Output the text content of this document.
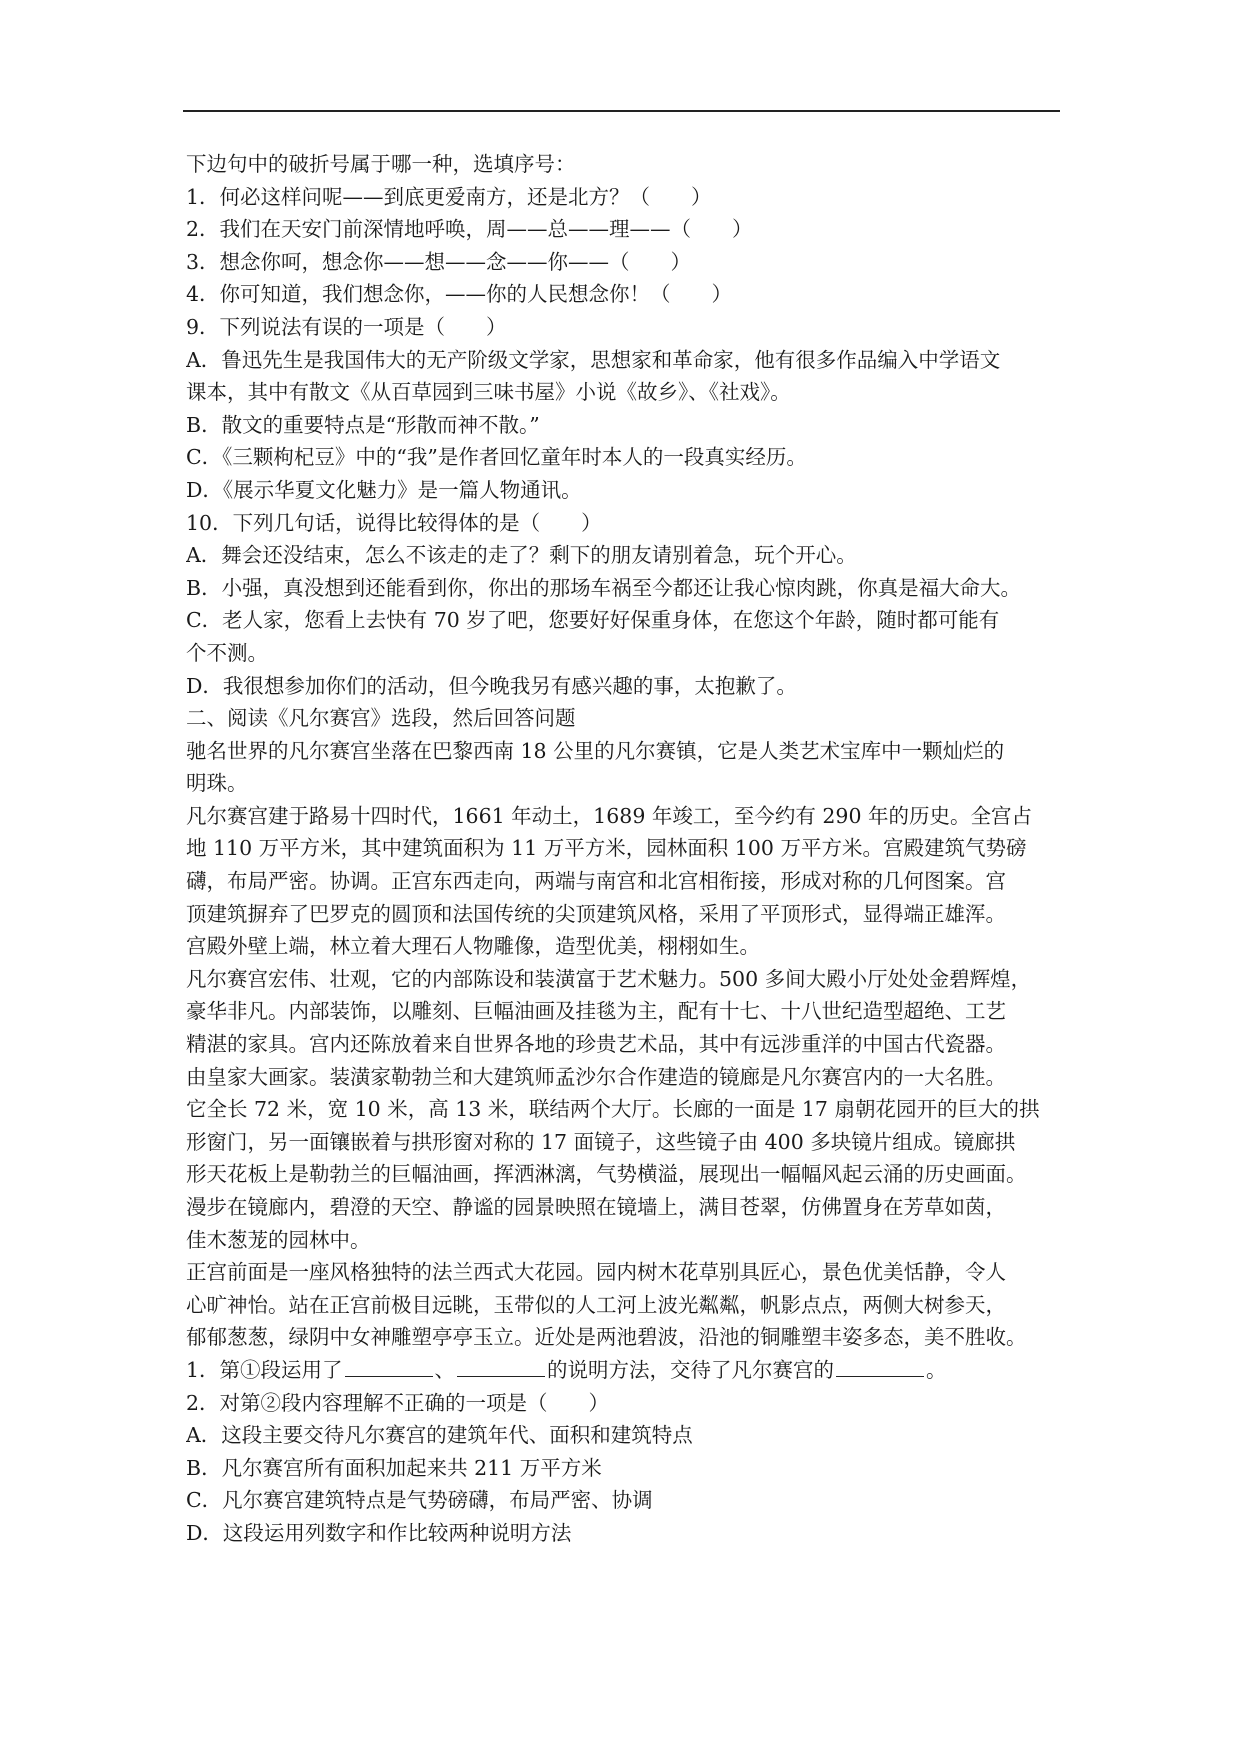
下边句中的破折号属于哪一种，选填序号：
1．何必这样问呢——到底更爱南方，还是北方？（　　）
2．我们在天安门前深情地呼唤，周——总——理——（　　）
3．想念你呵，想念你——想——念——你——（　　）
4．你可知道，我们想念你，——你的人民想念你！（　　）
9．下列说法有误的一项是（　　）
A．鲁迅先生是我国伟大的无产阶级文学家，思想家和革命家，他有很多作品编入中学语文
课本，其中有散文《从百草园到三味书屋》小说《故乡》、《社戏》。
B．散文的重要特点是“形散而神不散。”
C．《三颗枸杞豆》中的“我”是作者回忆童年时本人的一段真实经历。
D．《展示华夏文化魅力》是一篇人物通讯。
10．下列几句话，说得比较得体的是（　　）
A．舞会还没结束，怎么不该走的走了？剩下的朋友请别着急，玩个开心。
B．小强，真没想到还能看到你，你出的那场车祸至今都还让我心惊肉跳，你真是福大命大。
C．老人家，您看上去快有 70 岁了吧，您要好好保重身体，在您这个年龄，随时都可能有
个不测。
D．我很想参加你们的活动，但今晚我另有感兴趣的事，太抱歉了。
二、阅读《凡尔赛宫》选段，然后回答问题
驰名世界的凡尔赛宫坐落在巴黎西南 18 公里的凡尔赛镇，它是人类艺术宝库中一颗灿烂的
明珠。
凡尔赛宫建于路易十四时代，1661 年动土，1689 年竣工，至今约有 290 年的历史。全宫占
地 110 万平方米，其中建筑面积为 11 万平方米，园林面积 100 万平方米。宫殿建筑气势磅
礴，布局严密。协调。正宫东西走向，两端与南宫和北宫相衔接，形成对称的几何图案。宫
顶建筑摒弃了巴罗克的圆顶和法国传统的尖顶建筑风格，采用了平顶形式，显得端正雄浑。
宫殿外壁上端，林立着大理石人物雕像，造型优美，栩栩如生。
凡尔赛宫宏伟、壮观，它的内部陈设和装潢富于艺术魅力。500 多间大殿小厅处处金碧辉煌，
豪华非凡。内部装饰，以雕刻、巨幅油画及挂毯为主，配有十七、十八世纪造型超绝、工艺
精湛的家具。宫内还陈放着来自世界各地的珍贵艺术品，其中有远涉重洋的中国古代瓷器。
由皇家大画家。装潢家勒勃兰和大建筑师孟沙尔合作建造的镜廊是凡尔赛宫内的一大名胜。
它全长 72 米，宽 10 米，高 13 米，联结两个大厅。长廊的一面是 17 扇朝花园开的巨大的拱
形窗门，另一面镶嵌着与拱形窗对称的 17 面镜子，这些镜子由 400 多块镜片组成。镜廊拱
形天花板上是勒勃兰的巨幅油画，挥洒淋漓，气势横溢，展现出一幅幅风起云涌的历史画面。
漫步在镜廊内，碧澄的天空、静谧的园景映照在镜墙上，满目苍翠，仿佛置身在芳草如茵，
佳木葱茏的园林中。
正宫前面是一座风格独特的法兰西式大花园。园内树木花草别具匠心，景色优美恬静，令人
心旷神怡。站在正宫前极目远眺，玉带似的人工河上波光粼粼，帆影点点，两侧大树参天，
郁郁葱葱，绿阴中女神雕塑亭亭玉立。近处是两池碧波，沿池的铜雕塑丰姿多态，美不胜收。
1．第①段运用了	、	的说明方法，交待了凡尔赛宫的	。
2．对第②段内容理解不正确的一项是（　　）
A．这段主要交待凡尔赛宫的建筑年代、面积和建筑特点
B．凡尔赛宫所有面积加起来共 211 万平方米
C．凡尔赛宫建筑特点是气势磅礴，布局严密、协调
D．这段运用列数字和作比较两种说明方法
